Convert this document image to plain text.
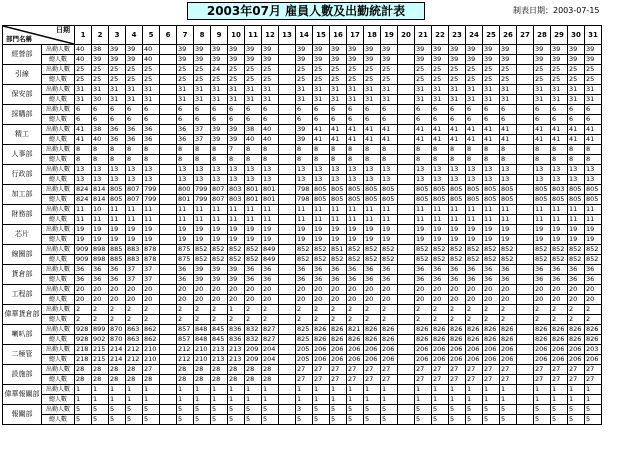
2003年07月 雇員人數及出勤統計表	制表日期：2003-07-15
日期
部門名稱		1	2	3	4	5	6	7	8	9	10	11	12	13	14	15	16	17	18	19	20	21	22	23	24	25	26	27	28	29	30	31
經營部	出勤人數	40	38	39	39	40		39	39	39	39	39	39		39	39	39	39	39	39		39	39	39	39	39	39		39	39	39	39
	總人數	40	39	39	39	40		39	39	39	39	39	39		39	39	39	39	39	39		39	39	39	39	39	39		39	39	39	39
引線	出勤人數	25	25	25	25	25		25	25	24	25	25	25		25	25	25	25	25	25		25	25	25	25	25	25		25	25	25	25
	總人數	25	25	25	25	25		25	25	25	25	25	25		25	25	25	25	25	25		25	25	25	25	25	25		25	25	25	25
保安部	出勤人數	31	31	31	31	31		31	31	31	31	31	31		31	31	31	31	31	31		31	31	31	31	31	31		31	31	31	31
	總人數	31	30	31	31	31		31	31	31	31	31	31		31	31	31	31	31	31		31	31	31	31	31	31		31	31	31	31
採購部	出勤人數	6	6	6	6	6		6	6	6	6	6	6		6	6	6	6	6	6		6	6	6	6	6	6		6	6	6	6
	總人數	6	6	6	6	6		6	6	6	6	6	6		6	6	6	6	6	6		6	6	6	6	6	6		6	6	6	6
精工	出勤人數	41	38	36	36	36		36	37	39	39	38	40		39	41	41	41	41	41		41	41	41	41	41	41		41	41	41	41
	總人數	41	40	36	36	36		36	37	39	39	40	40		39	41	41	41	41	41		41	41	41	41	41	41		41	41	41	41
人事部	出勤人數	8	8	8	8	8		8	8	8	7	8	8		8	8	8	8	8	8		8	8	8	8	8	8		8	8	8	8
	總人數	8	8	8	8	8		8	8	8	8	8	8		8	8	8	8	8	8		8	8	8	8	8	8		8	8	8	8
行政部	出勤人數	13	13	13	13	13		13	13	13	13	13	13		13	13	13	13	13	13		13	13	13	13	13	13		13	13	13	13
	總人數	13	13	13	13	13		13	13	13	13	13	13		13	13	13	13	13	13		13	13	13	13	13	13		13	13	13	13
加工部	出勤人數	824	814	805	807	799		800	799	807	803	801	801		798	805	805	805	805	805		805	805	805	805	805	805		805	803	805	805
	總人數	824	814	805	807	799		801	799	807	803	801	801		798	805	805	805	805	805		805	805	805	805	805	805		805	805	805	805
財務部	出勤人數	11	10	11	11	11		11	11	11	11	11	11		11	11	11	11	11	11		11	11	11	11	11	11		11	11	11	11
	總人數	11	11	11	11	11		11	11	11	11	11	11		11	11	11	11	11	11		11	11	11	11	11	11		11	11	11	11
芯片	出勤人數	19	19	19	19	19		19	19	19	19	19	19		19	19	19	19	19	19		19	19	19	19	19	19		19	19	19	19
	總人數	19	19	19	19	19		19	19	19	19	19	19		19	19	19	19	19	19		19	19	19	19	19	19		19	19	19	19
線圈部	出勤人數	909	898	885	883	878		875	852	852	852	852	849		852	852	851	852	852	852		852	852	852	852	852	852		852	852	852	852
	總人數	909	898	885	883	878		875	852	852	852	852	849		852	852	852	852	852	852		852	852	852	852	852	852		852	852	852	852
貨倉部	出勤人數	36	36	36	37	37		36	39	39	39	36	36		36	36	36	36	36	36		36	36	36	36	36	36		36	36	36	36
	總人數	36	36	36	37	37		36	39	39	39	36	36		36	36	36	36	36	36		36	36	36	36	36	36		36	36	36	36
工程部	出勤人數	20	20	20	20	20		20	20	20	20	20	20		20	20	20	20	20	20		20	20	20	20	20	20		20	20	20	20
	總人數	20	20	20	20	20		20	20	20	20	20	20		20	20	20	20	20	20		20	20	20	20	20	20		20	20	20	20
偉華貨倉部	出勤人數	2	2	2	2	2		2	2	2	1	2	2		2	2	2	2	2	2		2	2	2	2	2	2		2	2	2	2
	總人數	2	2	2	2	2		2	2	2	2	2	2		2	2	2	2	2	2		2	2	2	2	2	2		2	2	2	2
喇叭部	出勤人數	928	899	870	863	862		857	848	845	836	832	827		825	826	826	821	826	826		826	826	826	826	826	826		826	826	826	826
	總人數	928	902	870	863	862		857	848	845	836	832	827		825	826	826	826	826	826		826	826	826	826	826	826		826	826	826	826
二極管	出勤人數	218	215	214	212	210		212	210	213	213	209	204		205	206	206	206	206	206		206	206	206	206	206	206		206	206	206	203
	總人數	218	215	214	212	210		212	210	213	213	209	204		205	206	206	206	206	206		206	206	206	206	206	206		206	206	206	206
設施部	出勤人數	28	28	28	28	27		28	28	28	28	28	28		27	27	27	27	27	27		27	27	27	27	27	27		27	27	27	27
	總人數	28	28	28	28	28		28	28	28	28	28	28		27	27	27	27	27	27		27	27	27	27	27	27		27	27	27	27
偉華報關部	出勤人數	1	1	1	1	1		1	1	1	1	1	1		1	1	1	1	1	1		1	1	1	1	1	1		1	1	1	1
	總人數	1	1	1	1	1		1	1	1	1	1	1		1	1	1	1	1	1		1	1	1	1	1	1		1	1	1	1
報關部	出勤人數	5	5	5	5	5		5	5	5	5	5	5		3	5	5	5	5	5		5	5	5	5	5	5		5	5	5	5
	總人數	5	5	5	5	5		5	5	5	5	5	5		5	5	5	5	5	5		5	5	5	5	5	5		5	5	5	5
